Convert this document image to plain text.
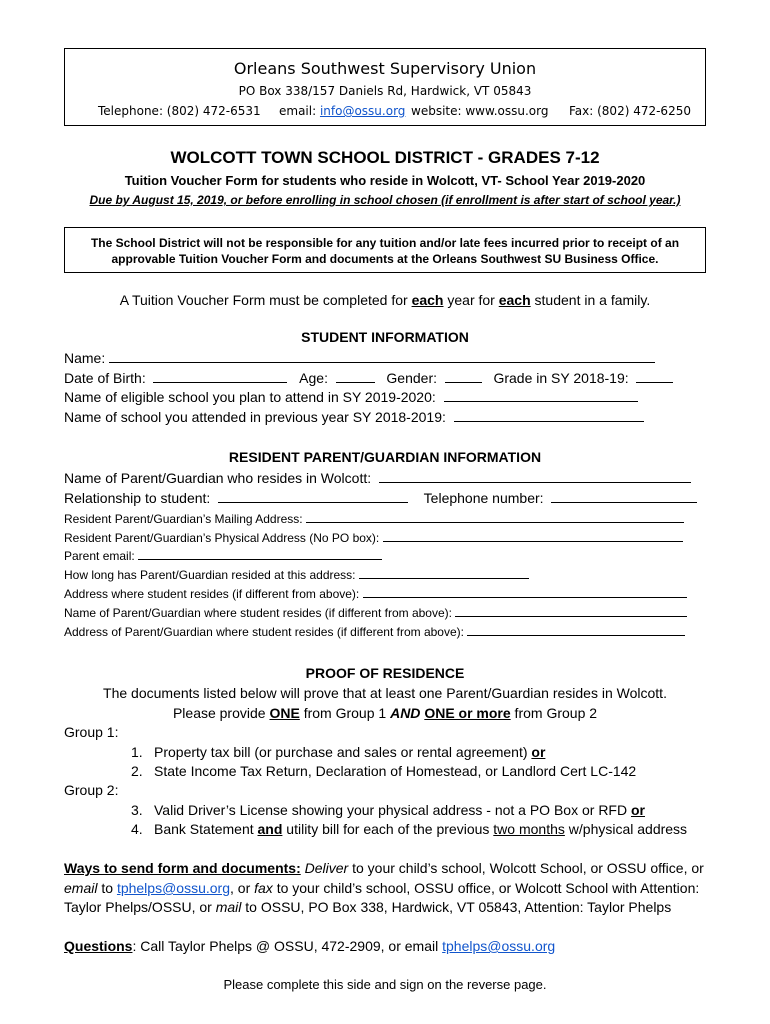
Orleans Southwest Supervisory Union
PO Box 338/157 Daniels Rd, Hardwick, VT 05843
Telephone: (802) 472-6531 email: info@ossu.org website: www.ossu.org Fax: (802) 472-6250
WOLCOTT TOWN SCHOOL DISTRICT - GRADES 7-12
Tuition Voucher Form for students who reside in Wolcott, VT- School Year 2019-2020
Due by August 15, 2019, or before enrolling in school chosen (if enrollment is after start of school year.)
The School District will not be responsible for any tuition and/or late fees incurred prior to receipt of an
approvable Tuition Voucher Form and documents at the Orleans Southwest SU Business Office.
A Tuition Voucher Form must be completed for each year for each student in a family.
STUDENT INFORMATION
Name:
Date of Birth:	Age:	Gender:	Grade in SY 2018-19:
Name of eligible school you plan to attend in SY 2019-2020:
Name of school you attended in previous year SY 2018-2019:
RESIDENT PARENT/GUARDIAN INFORMATION
Name of Parent/Guardian who resides in Wolcott:
Relationship to student:	Telephone number:
Resident Parent/Guardian’s Mailing Address:
Resident Parent/Guardian’s Physical Address (No PO box):
Parent email:
How long has Parent/Guardian resided at this address:
Address where student resides (if different from above):
Name of Parent/Guardian where student resides (if different from above):
Address of Parent/Guardian where student resides (if different from above):
PROOF OF RESIDENCE
The documents listed below will prove that at least one Parent/Guardian resides in Wolcott.
Please provide ONE from Group 1 AND ONE or more from Group 2
Group 1:
1. Property tax bill (or purchase and sales or rental agreement) or
2. State Income Tax Return, Declaration of Homestead, or Landlord Cert LC-142
Group 2:
3. Valid Driver’s License showing your physical address - not a PO Box or RFD or
4. Bank Statement and utility bill for each of the previous two months w/physical address
Ways to send form and documents: Deliver to your child’s school, Wolcott School, or OSSU office, or
email to tphelps@ossu.org, or fax to your child’s school, OSSU office, or Wolcott School with Attention:
Taylor Phelps/OSSU, or mail to OSSU, PO Box 338, Hardwick, VT 05843, Attention: Taylor Phelps
Questions: Call Taylor Phelps @ OSSU, 472-2909, or email tphelps@ossu.org
Please complete this side and sign on the reverse page.
